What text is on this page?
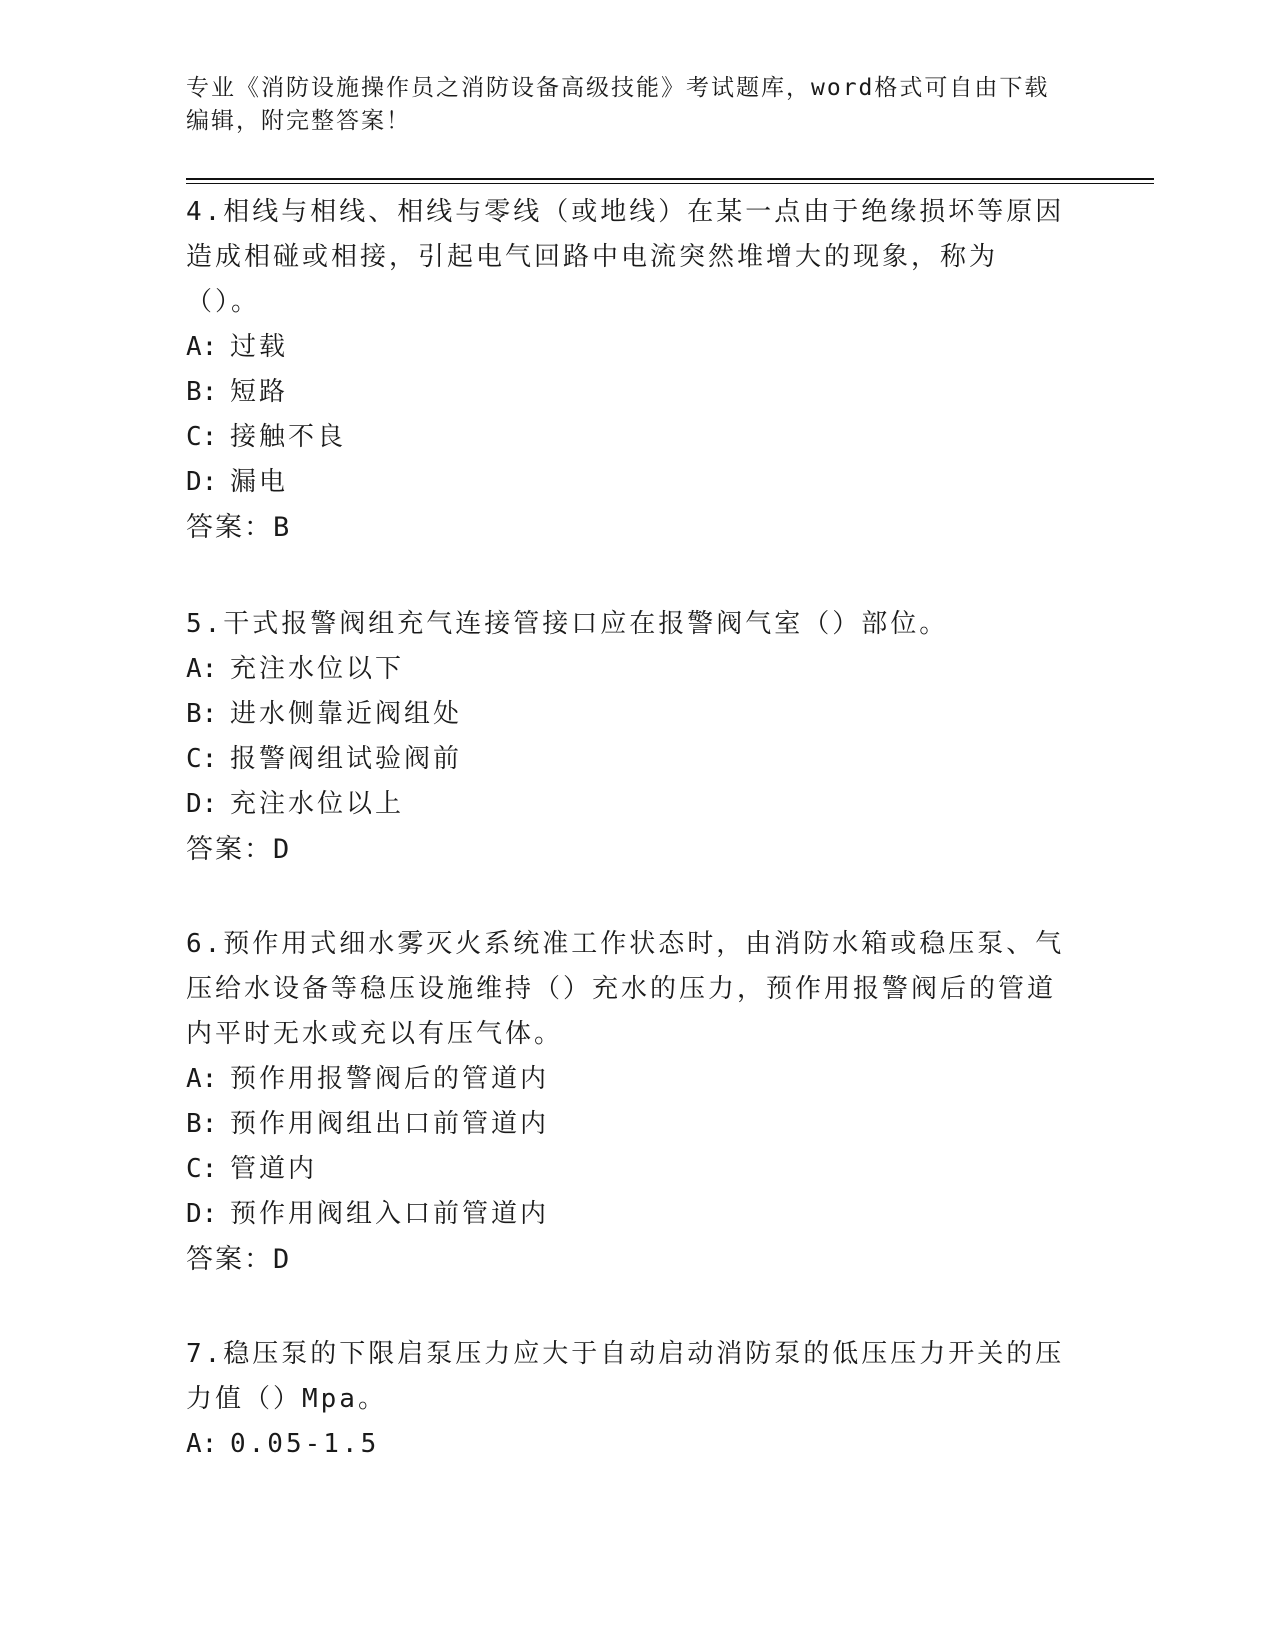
专业《消防设施操作员之消防设备高级技能》考试题库，word格式可自由下载编辑，附完整答案！

4.相线与相线、相线与零线（或地线）在某一点由于绝缘损坏等原因造成相碰或相接，引起电气回路中电流突然堆增大的现象，称为（）。

A: 过载

B: 短路

C: 接触不良

D: 漏电

答案：B

5.干式报警阀组充气连接管接口应在报警阀气室（）部位。

A: 充注水位以下

B: 进水侧靠近阀组处

C: 报警阀组试验阀前

D: 充注水位以上

答案：D

6.预作用式细水雾灭火系统准工作状态时，由消防水箱或稳压泵、气压给水设备等稳压设施维持（）充水的压力，预作用报警阀后的管道内平时无水或充以有压气体。

A: 预作用报警阀后的管道内

B: 预作用阀组出口前管道内

C: 管道内

D: 预作用阀组入口前管道内

答案：D

7.稳压泵的下限启泵压力应大于自动启动消防泵的低压压力开关的压力值（）Mpa。

A: 0.05-1.5
